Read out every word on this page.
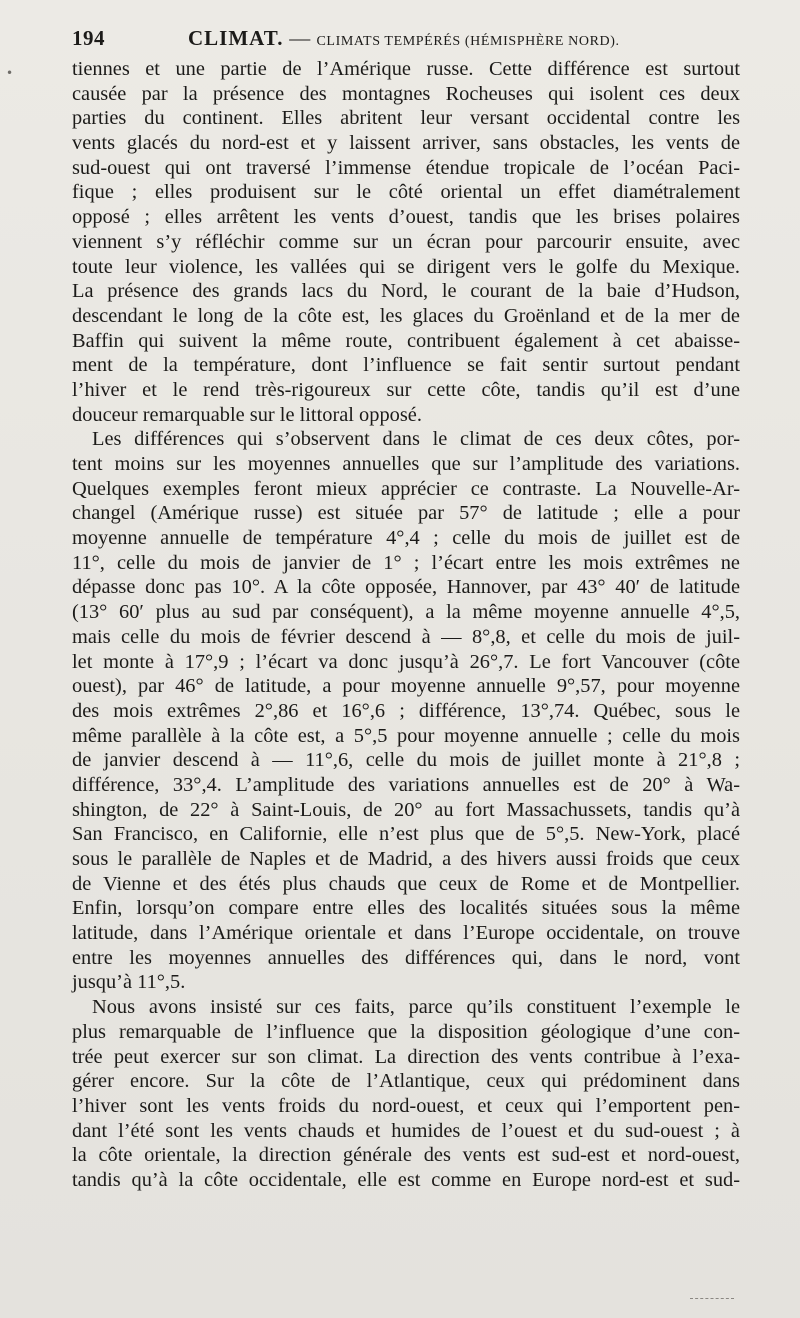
•
194	CLIMAT. — CLIMATS TEMPÉRÉS (HÉMISPHÈRE NORD).
tiennes et une partie de l’Amérique russe. Cette différence est surtout
causée par la présence des montagnes Rocheuses qui isolent ces deux
parties du continent. Elles abritent leur versant occidental contre les
vents glacés du nord-est et y laissent arriver, sans obstacles, les vents de
sud-ouest qui ont traversé l’immense étendue tropicale de l’océan Paci-
fique ; elles produisent sur le côté oriental un effet diamétralement
opposé ; elles arrêtent les vents d’ouest, tandis que les brises polaires
viennent s’y réfléchir comme sur un écran pour parcourir ensuite, avec
toute leur violence, les vallées qui se dirigent vers le golfe du Mexique.
La présence des grands lacs du Nord, le courant de la baie d’Hudson,
descendant le long de la côte est, les glaces du Groënland et de la mer de
Baffin qui suivent la même route, contribuent également à cet abaisse-
ment de la température, dont l’influence se fait sentir surtout pendant
l’hiver et le rend très-rigoureux sur cette côte, tandis qu’il est d’une
douceur remarquable sur le littoral opposé.
Les différences qui s’observent dans le climat de ces deux côtes, por-
tent moins sur les moyennes annuelles que sur l’amplitude des variations.
Quelques exemples feront mieux apprécier ce contraste. La Nouvelle-Ar-
changel (Amérique russe) est située par 57° de latitude ; elle a pour
moyenne annuelle de température 4°,4 ; celle du mois de juillet est de
11°, celle du mois de janvier de 1° ; l’écart entre les mois extrêmes ne
dépasse donc pas 10°. A la côte opposée, Hannover, par 43° 40′ de latitude
(13° 60′ plus au sud par conséquent), a la même moyenne annuelle 4°,5,
mais celle du mois de février descend à — 8°,8, et celle du mois de juil-
let monte à 17°,9 ; l’écart va donc jusqu’à 26°,7. Le fort Vancouver (côte
ouest), par 46° de latitude, a pour moyenne annuelle 9°,57, pour moyenne
des mois extrêmes 2°,86 et 16°,6 ; différence, 13°,74. Québec, sous le
même parallèle à la côte est, a 5°,5 pour moyenne annuelle ; celle du mois
de janvier descend à — 11°,6, celle du mois de juillet monte à 21°,8 ;
différence, 33°,4. L’amplitude des variations annuelles est de 20° à Wa-
shington, de 22° à Saint-Louis, de 20° au fort Massachussets, tandis qu’à
San Francisco, en Californie, elle n’est plus que de 5°,5. New-York, placé
sous le parallèle de Naples et de Madrid, a des hivers aussi froids que ceux
de Vienne et des étés plus chauds que ceux de Rome et de Montpellier.
Enfin, lorsqu’on compare entre elles des localités situées sous la même
latitude, dans l’Amérique orientale et dans l’Europe occidentale, on trouve
entre les moyennes annuelles des différences qui, dans le nord, vont
jusqu’à 11°,5.
Nous avons insisté sur ces faits, parce qu’ils constituent l’exemple le
plus remarquable de l’influence que la disposition géologique d’une con-
trée peut exercer sur son climat. La direction des vents contribue à l’exa-
gérer encore. Sur la côte de l’Atlantique, ceux qui prédominent dans
l’hiver sont les vents froids du nord-ouest, et ceux qui l’emportent pen-
dant l’été sont les vents chauds et humides de l’ouest et du sud-ouest ; à
la côte orientale, la direction générale des vents est sud-est et nord-ouest,
tandis qu’à la côte occidentale, elle est comme en Europe nord-est et sud-
